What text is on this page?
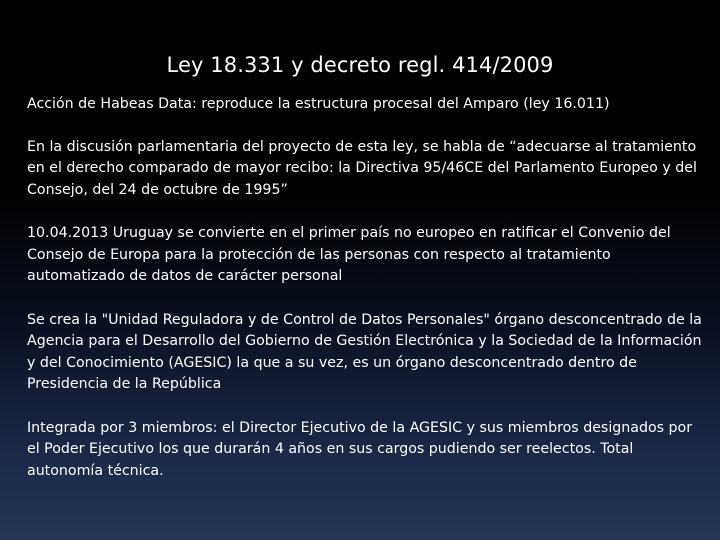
Ley 18.331 y decreto regl. 414/2009

Acción de Habeas Data: reproduce la estructura procesal del Amparo (ley 16.011)

En la discusión parlamentaria del proyecto de esta ley, se habla de “adecuarse al tratamiento en el derecho comparado de mayor recibo: la Directiva 95/46CE del Parlamento Europeo y del Consejo, del 24 de octubre de 1995”

10.04.2013 Uruguay se convierte en el primer país no europeo en ratificar el Convenio del Consejo de Europa para la protección de las personas con respecto al tratamiento automatizado de datos de carácter personal

Se crea la "Unidad Reguladora y de Control de Datos Personales" órgano desconcentrado de la Agencia para el Desarrollo del Gobierno de Gestión Electrónica y la Sociedad de la Información y del Conocimiento (AGESIC) la que a su vez, es un órgano desconcentrado dentro de Presidencia de la República

Integrada por 3 miembros: el Director Ejecutivo de la AGESIC y sus miembros designados por el Poder Ejecutivo los que durarán 4 años en sus cargos pudiendo ser reelectos. Total autonomía técnica.
